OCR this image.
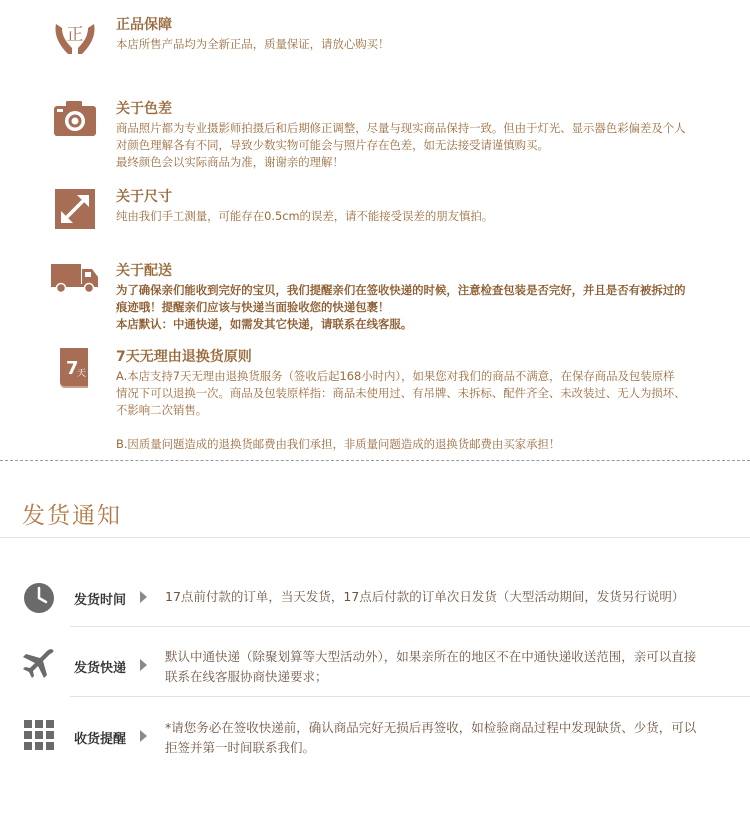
正 正品保障
本店所售产品均为全新正品，质量保证，请放心购买！
关于色差
商品照片都为专业摄影师拍摄后和后期修正调整，尽量与现实商品保持一致。但由于灯光、显示器色彩偏差及个人
对颜色理解各有不同，导致少数实物可能会与照片存在色差，如无法接受请谨慎购买。
最终颜色会以实际商品为准，谢谢亲的理解！
关于尺寸
纯由我们手工测量，可能存在0.5cm的误差，请不能接受误差的朋友慎拍。
关于配送
为了确保亲们能收到完好的宝贝，我们提醒亲们在签收快递的时候，注意检查包装是否完好，并且是否有被拆过的
痕迹哦！提醒亲们应该与快递当面验收您的快递包裹！
本店默认：中通快递，如需发其它快递，请联系在线客服。
7
天
7天无理由退换货原则
A.本店支持7天无理由退换货服务（签收后起168小时内），如果您对我们的商品不满意，在保存商品及包装原样
情况下可以退换一次。商品及包装原样指：商品未使用过、有吊牌、未拆标、配件齐全、未改装过、无人为损坏、
不影响二次销售。
B.因质量问题造成的退换货邮费由我们承担，非质量问题造成的退换货邮费由买家承担！
发货通知
发货时间	17点前付款的订单，当天发货，17点后付款的订单次日发货（大型活动期间，发货另行说明）
发货快递
默认中通快递（除聚划算等大型活动外），如果亲所在的地区不在中通快递收送范围，亲可以直接
联系在线客服协商快递要求；
收货提醒
*请您务必在签收快递前，确认商品完好无损后再签收，如检验商品过程中发现缺货、少货，可以
拒签并第一时间联系我们。
